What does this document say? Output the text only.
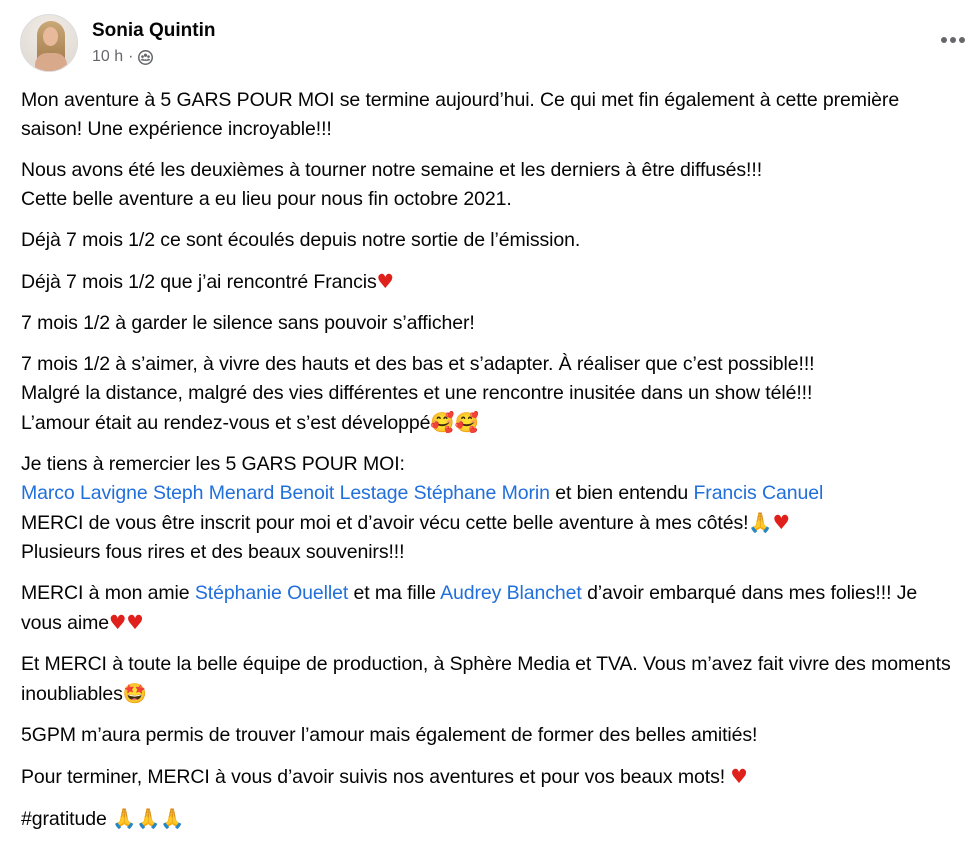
Sonia Quintin
10 h ·

Mon aventure à 5 GARS POUR MOI se termine aujourd’hui. Ce qui met fin également à cette première saison! Une expérience incroyable!!!

Nous avons été les deuxièmes à tourner notre semaine et les derniers à être diffusés!!!
Cette belle aventure a eu lieu pour nous fin octobre 2021.

Déjà 7 mois 1/2 ce sont écoulés depuis notre sortie de l’émission.

Déjà 7 mois 1/2 que j’ai rencontré Francis♥

7 mois 1/2 à garder le silence sans pouvoir s’afficher!

7 mois 1/2 à s’aimer, à vivre des hauts et des bas et s’adapter. À réaliser que c’est possible!!!
Malgré la distance, malgré des vies différentes et une rencontre inusitée dans un show télé!!!
L’amour était au rendez-vous et s’est développé🥰🥰

Je tiens à remercier les 5 GARS POUR MOI:
Marco Lavigne Steph Menard Benoit Lestage Stéphane Morin et bien entendu Francis Canuel
MERCI de vous être inscrit pour moi et d’avoir vécu cette belle aventure à mes côtés!🙏♥
Plusieurs fous rires et des beaux souvenirs!!!

MERCI à mon amie Stéphanie Ouellet et ma fille Audrey Blanchet d’avoir embarqué dans mes folies!!! Je vous aime♥♥

Et MERCI à toute la belle équipe de production, à Sphère Media et TVA. Vous m’avez fait vivre des moments inoubliables🤩

5GPM m’aura permis de trouver l’amour mais également de former des belles amitiés!

Pour terminer, MERCI à vous d’avoir suivis nos aventures et pour vos beaux mots! ♥

#gratitude 🙏🙏🙏
